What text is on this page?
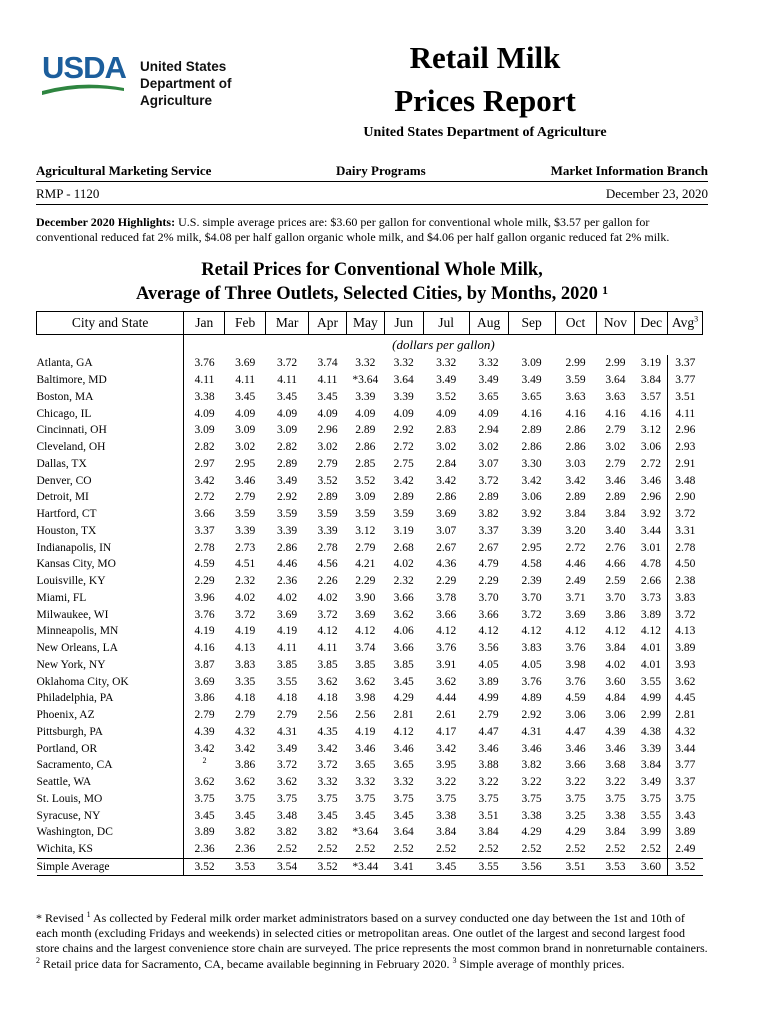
USDA United States
Department of
Agriculture
Retail Milk
Prices Report
United States Department of Agriculture
Agricultural Marketing Service	Dairy Programs	Market Information Branch
RMP - 1120	December 23, 2020
December 2020 Highlights: U.S. simple average prices are: $3.60 per gallon for conventional whole milk, $3.57 per gallon for conventional reduced fat 2% milk, $4.08 per half gallon organic whole milk, and $4.06 per half gallon organic reduced fat 2% milk.
Retail Prices for Conventional Whole Milk,
Average of Three Outlets, Selected Cities, by Months, 2020 ¹
City and State	Jan	Feb	Mar	Apr	May	Jun	Jul	Aug	Sep	Oct	Nov	Dec	Avg$^3$
	(dollars per gallon)												
Atlanta, GA	3.76	3.69	3.72	3.74	3.32	3.32	3.32	3.32	3.09	2.99	2.99	3.19	3.37
Baltimore, MD	4.11	4.11	4.11	4.11	*3.64	3.64	3.49	3.49	3.49	3.59	3.64	3.84	3.77
Boston, MA	3.38	3.45	3.45	3.45	3.39	3.39	3.52	3.65	3.65	3.63	3.63	3.57	3.51
Chicago, IL	4.09	4.09	4.09	4.09	4.09	4.09	4.09	4.09	4.16	4.16	4.16	4.16	4.11
Cincinnati, OH	3.09	3.09	3.09	2.96	2.89	2.92	2.83	2.94	2.89	2.86	2.79	3.12	2.96
Cleveland, OH	2.82	3.02	2.82	3.02	2.86	2.72	3.02	3.02	2.86	2.86	3.02	3.06	2.93
Dallas, TX	2.97	2.95	2.89	2.79	2.85	2.75	2.84	3.07	3.30	3.03	2.79	2.72	2.91
Denver, CO	3.42	3.46	3.49	3.52	3.52	3.42	3.42	3.72	3.42	3.42	3.46	3.46	3.48
Detroit, MI	2.72	2.79	2.92	2.89	3.09	2.89	2.86	2.89	3.06	2.89	2.89	2.96	2.90
Hartford, CT	3.66	3.59	3.59	3.59	3.59	3.59	3.69	3.82	3.92	3.84	3.84	3.92	3.72
Houston, TX	3.37	3.39	3.39	3.39	3.12	3.19	3.07	3.37	3.39	3.20	3.40	3.44	3.31
Indianapolis, IN	2.78	2.73	2.86	2.78	2.79	2.68	2.67	2.67	2.95	2.72	2.76	3.01	2.78
Kansas City, MO	4.59	4.51	4.46	4.56	4.21	4.02	4.36	4.79	4.58	4.46	4.66	4.78	4.50
Louisville, KY	2.29	2.32	2.36	2.26	2.29	2.32	2.29	2.29	2.39	2.49	2.59	2.66	2.38
Miami, FL	3.96	4.02	4.02	4.02	3.90	3.66	3.78	3.70	3.70	3.71	3.70	3.73	3.83
Milwaukee, WI	3.76	3.72	3.69	3.72	3.69	3.62	3.66	3.66	3.72	3.69	3.86	3.89	3.72
Minneapolis, MN	4.19	4.19	4.19	4.12	4.12	4.06	4.12	4.12	4.12	4.12	4.12	4.12	4.13
New Orleans, LA	4.16	4.13	4.11	4.11	3.74	3.66	3.76	3.56	3.83	3.76	3.84	4.01	3.89
New York, NY	3.87	3.83	3.85	3.85	3.85	3.85	3.91	4.05	4.05	3.98	4.02	4.01	3.93
Oklahoma City, OK	3.69	3.35	3.55	3.62	3.62	3.45	3.62	3.89	3.76	3.76	3.60	3.55	3.62
Philadelphia, PA	3.86	4.18	4.18	4.18	3.98	4.29	4.44	4.99	4.89	4.59	4.84	4.99	4.45
Phoenix, AZ	2.79	2.79	2.79	2.56	2.56	2.81	2.61	2.79	2.92	3.06	3.06	2.99	2.81
Pittsburgh, PA	4.39	4.32	4.31	4.35	4.19	4.12	4.17	4.47	4.31	4.47	4.39	4.38	4.32
Portland, OR	3.42	3.42	3.49	3.42	3.46	3.46	3.42	3.46	3.46	3.46	3.46	3.39	3.44
Sacramento, CA	$^2$	3.86	3.72	3.72	3.65	3.65	3.95	3.88	3.82	3.66	3.68	3.84	3.77
Seattle, WA	3.62	3.62	3.62	3.32	3.32	3.32	3.22	3.22	3.22	3.22	3.22	3.49	3.37
St. Louis, MO	3.75	3.75	3.75	3.75	3.75	3.75	3.75	3.75	3.75	3.75	3.75	3.75	3.75
Syracuse, NY	3.45	3.45	3.48	3.45	3.45	3.45	3.38	3.51	3.38	3.25	3.38	3.55	3.43
Washington, DC	3.89	3.82	3.82	3.82	*3.64	3.64	3.84	3.84	4.29	4.29	3.84	3.99	3.89
Wichita, KS	2.36	2.36	2.52	2.52	2.52	2.52	2.52	2.52	2.52	2.52	2.52	2.52	2.49
Simple Average	3.52	3.53	3.54	3.52	*3.44	3.41	3.45	3.55	3.56	3.51	3.53	3.60	3.52
* Revised $^1$ As collected by Federal milk order market administrators based on a survey conducted one day between the 1st and 10th of each month (excluding Fridays and weekends) in selected cities or metropolitan areas. One outlet of the largest and second largest food store chains and the largest convenience store chain are surveyed. The price represents the most common brand in nonreturnable containers. $^2$ Retail price data for Sacramento, CA, became available beginning in February 2020. $^3$ Simple average of monthly prices.
